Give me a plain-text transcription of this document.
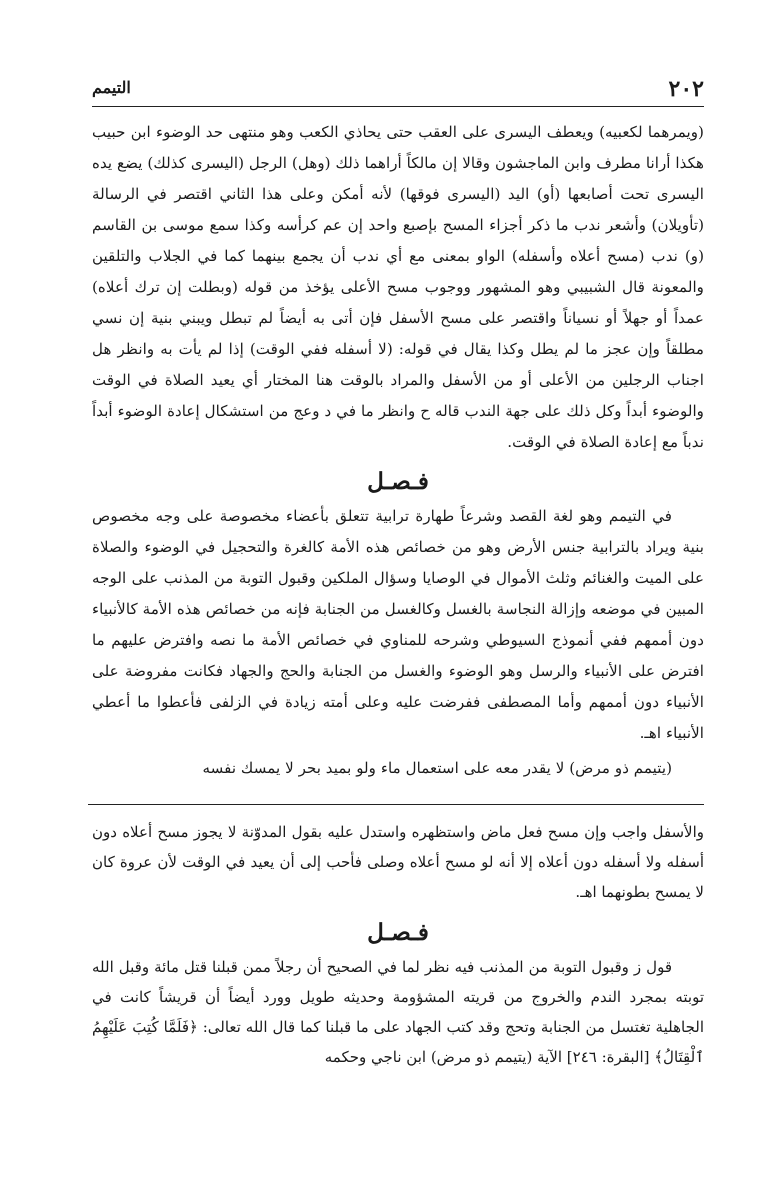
٢٠٢
التيمم

(ويمرهما لكعبيه) ويعطف اليسرى على العقب حتى يحاذي الكعب وهو منتهى حد الوضوء ابن حبيب هكذا أرانا مطرف وابن الماجشون وقالا إن مالكاً أراهما ذلك (وهل) الرجل (اليسرى كذلك) يضع يده اليسرى تحت أصابعها (أو) اليد (اليسرى فوقها) لأنه أمكن وعلى هذا الثاني اقتصر في الرسالة (تأويلان) وأشعر ندب ما ذكر أجزاء المسح بإصبع واحد إن عم كرأسه وكذا سمع موسى بن القاسم (و) ندب (مسح أعلاه وأسفله) الواو بمعنى مع أي ندب أن يجمع بينهما كما في الجلاب والتلقين والمعونة قال الشبيبي وهو المشهور ووجوب مسح الأعلى يؤخذ من قوله (وبطلت إن ترك أعلاه) عمداً أو جهلاً أو نسياناً واقتصر على مسح الأسفل فإن أتى به أيضاً لم تبطل ويبني بنية إن نسي مطلقاً وإن عجز ما لم يطل وكذا يقال في قوله: (لا أسفله ففي الوقت) إذا لم يأت به وانظر هل اجناب الرجلين من الأعلى أو من الأسفل والمراد بالوقت هنا المختار أي يعيد الصلاة في الوقت والوضوء أبداً وكل ذلك على جهة الندب قاله ح وانظر ما في د وعج من استشكال إعادة الوضوء أبداً ندباً مع إعادة الصلاة في الوقت.

فـصـل

في التيمم وهو لغة القصد وشرعاً طهارة ترابية تتعلق بأعضاء مخصوصة على وجه مخصوص بنية ويراد بالترابية جنس الأرض وهو من خصائص هذه الأمة كالغرة والتحجيل في الوضوء والصلاة على الميت والغنائم وثلث الأموال في الوصايا وسؤال الملكين وقبول التوبة من المذنب على الوجه المبين في موضعه وإزالة النجاسة بالغسل وكالغسل من الجنابة فإنه من خصائص هذه الأمة كالأنبياء دون أممهم ففي أنموذج السيوطي وشرحه للمناوي في خصائص الأمة ما نصه وافترض عليهم ما افترض على الأنبياء والرسل وهو الوضوء والغسل من الجنابة والحج والجهاد فكانت مفروضة على الأنبياء دون أممهم وأما المصطفى ففرضت عليه وعلى أمته زيادة في الزلفى فأعطوا ما أعطي الأنبياء اهـ.

(يتيمم ذو مرض) لا يقدر معه على استعمال ماء ولو بميد بحر لا يمسك نفسه

والأسفل واجب وإن مسح فعل ماض واستظهره واستدل عليه بقول المدوّنة لا يجوز مسح أعلاه دون أسفله ولا أسفله دون أعلاه إلا أنه لو مسح أعلاه وصلى فأحب إلى أن يعيد في الوقت لأن عروة كان لا يمسح بطونهما اهـ.

فـصـل

قول ز وقبول التوبة من المذنب فيه نظر لما في الصحيح أن رجلاً ممن قبلنا قتل مائة وقبل الله توبته بمجرد الندم والخروج من قريته المشؤومة وحديثه طويل وورد أيضاً أن قريشاً كانت في الجاهلية تغتسل من الجنابة وتحج وقد كتب الجهاد على ما قبلنا كما قال الله تعالى: ﴿فَلَمَّا كُتِبَ عَلَيْهِمُ ٱلْقِتَالُ﴾ [البقرة: ٢٤٦] الآية (يتيمم ذو مرض) ابن ناجي وحكمه
